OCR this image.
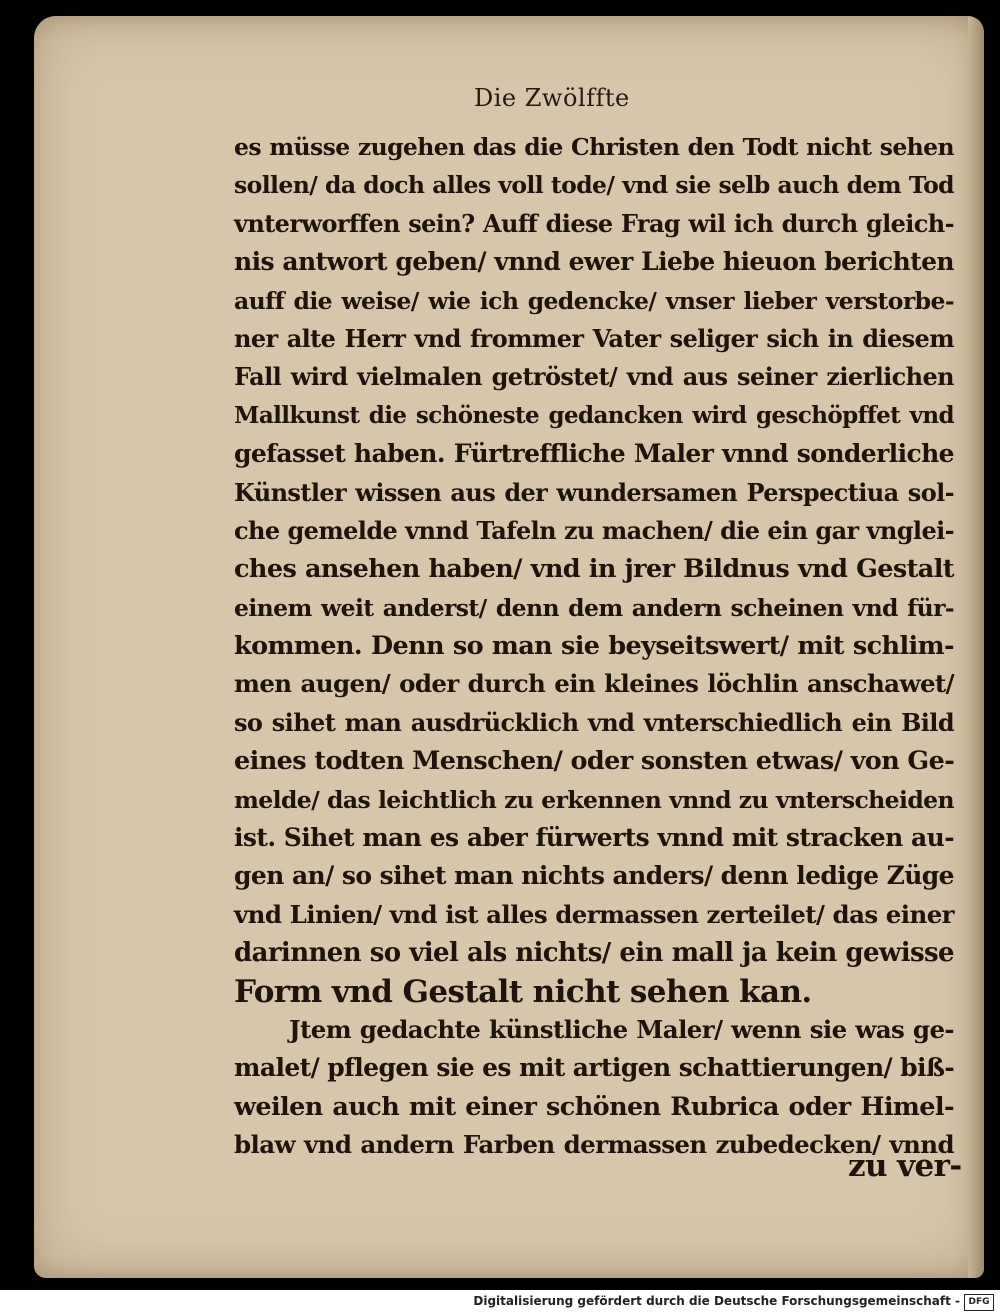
Die Zwölffte
es müsse zugehen das die Christen den Todt nicht sehen
sollen/ da doch alles voll tode/ vnd sie selb auch dem Tod
vnterworffen sein? Auff diese Frag wil ich durch gleich-
nis antwort geben/ vnnd ewer Liebe hieuon berichten
auff die weise/ wie ich gedencke/ vnser lieber verstorbe-
ner alte Herr vnd frommer Vater seliger sich in diesem
Fall wird vielmalen getröstet/ vnd aus seiner zierlichen
Mallkunst die schöneste gedancken wird geschöpffet vnd
gefasset haben. Fürtreffliche Maler vnnd sonderliche
Künstler wissen aus der wundersamen Perspectiua sol-
che gemelde vnnd Tafeln zu machen/ die ein gar vnglei-
ches ansehen haben/ vnd in jrer Bildnus vnd Gestalt
einem weit anderst/ denn dem andern scheinen vnd für-
kommen. Denn so man sie beyseitswert/ mit schlim-
men augen/ oder durch ein kleines löchlin anschawet/
so sihet man ausdrücklich vnd vnterschiedlich ein Bild
eines todten Menschen/ oder sonsten etwas/ von Ge-
melde/ das leichtlich zu erkennen vnnd zu vnterscheiden
ist. Sihet man es aber fürwerts vnnd mit stracken au-
gen an/ so sihet man nichts anders/ denn ledige Züge
vnd Linien/ vnd ist alles dermassen zerteilet/ das einer
darinnen so viel als nichts/ ein mall ja kein gewisse
Form vnd Gestalt nicht sehen kan.
Jtem gedachte künstliche Maler/ wenn sie was ge-
malet/ pflegen sie es mit artigen schattierungen/ biß-
weilen auch mit einer schönen Rubrica oder Himel-
blaw vnd andern Farben dermassen zubedecken/ vnnd
zu ver-
Digitalisierung gefördert durch die Deutsche Forschungsgemeinschaft - DFG
